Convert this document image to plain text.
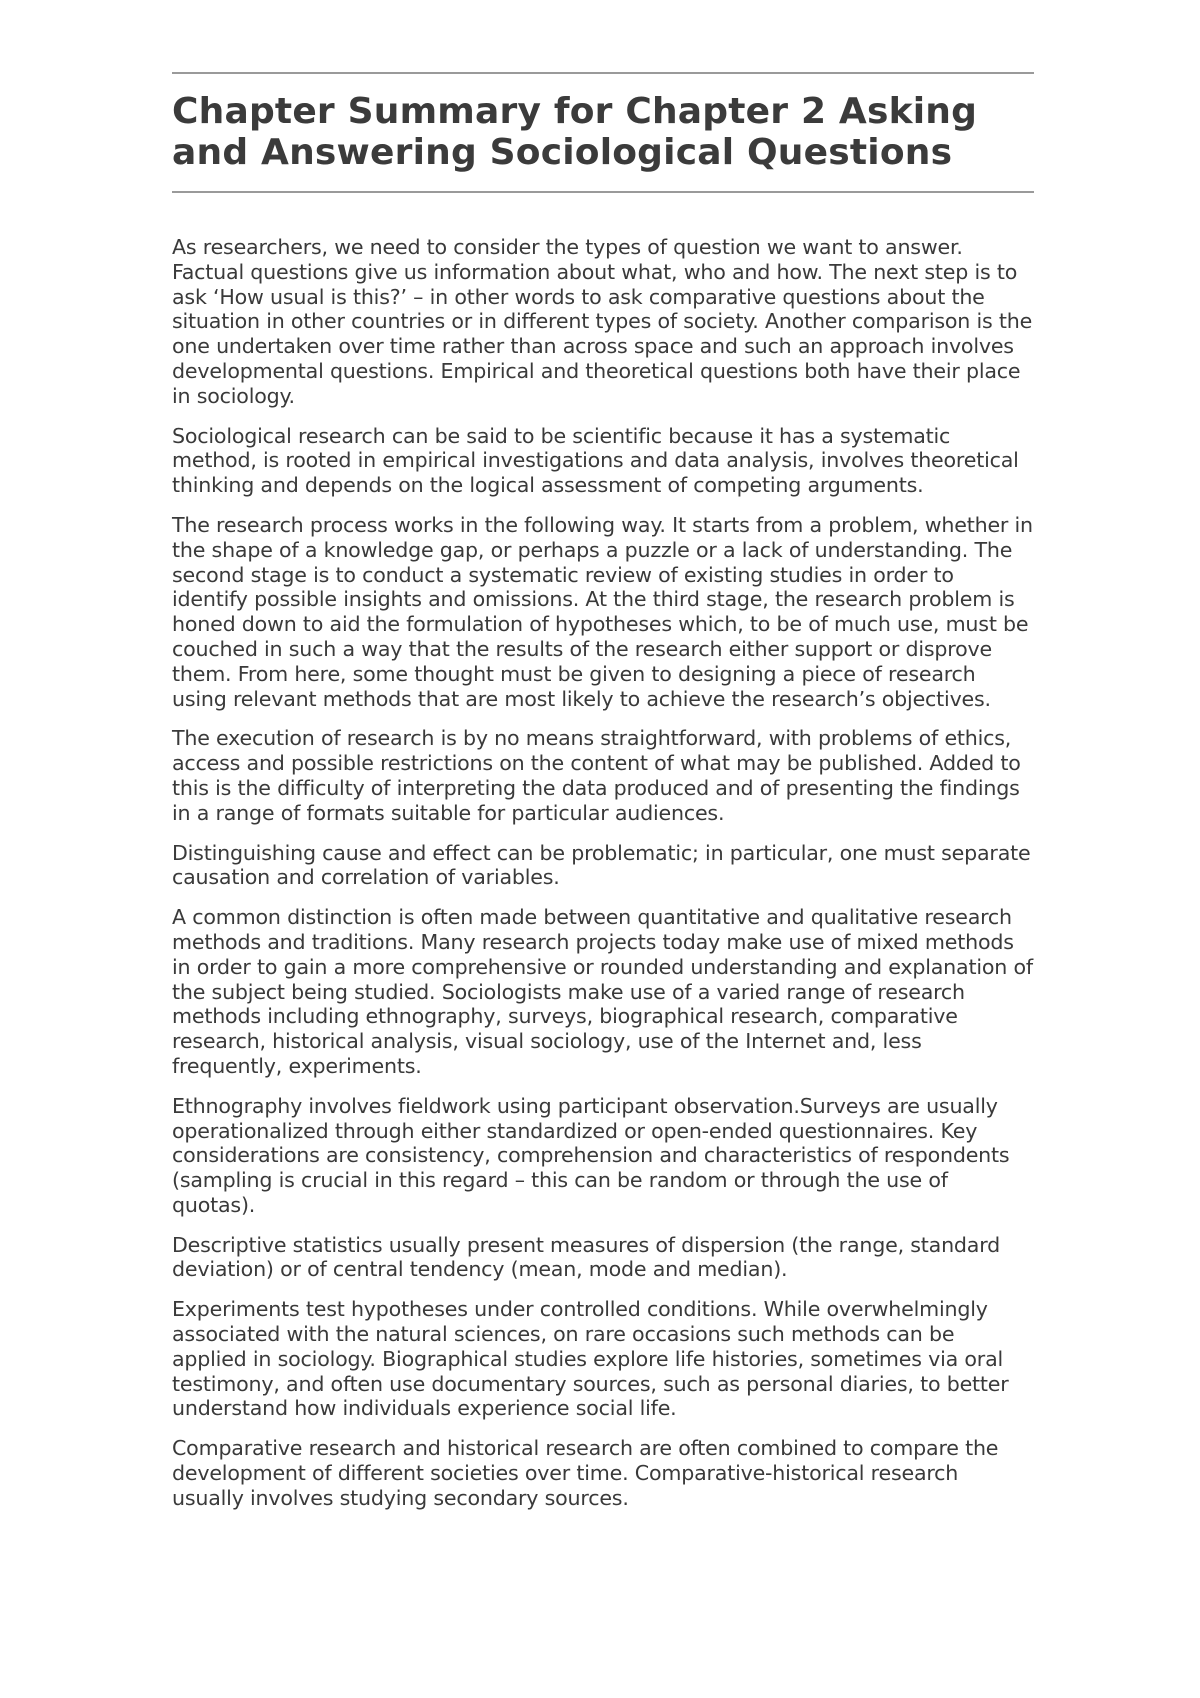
Chapter Summary for Chapter 2 Asking and Answering Sociological Questions

As researchers, we need to consider the types of question we want to answer. Factual questions give us information about what, who and how. The next step is to ask ‘How usual is this?’ – in other words to ask comparative questions about the situation in other countries or in different types of society. Another comparison is the one undertaken over time rather than across space and such an approach involves developmental questions. Empirical and theoretical questions both have their place in sociology.

Sociological research can be said to be scientific because it has a systematic method, is rooted in empirical investigations and data analysis, involves theoretical thinking and depends on the logical assessment of competing arguments.

The research process works in the following way. It starts from a problem, whether in the shape of a knowledge gap, or perhaps a puzzle or a lack of understanding. The second stage is to conduct a systematic review of existing studies in order to identify possible insights and omissions. At the third stage, the research problem is honed down to aid the formulation of hypotheses which, to be of much use, must be couched in such a way that the results of the research either support or disprove them. From here, some thought must be given to designing a piece of research using relevant methods that are most likely to achieve the research’s objectives.

The execution of research is by no means straightforward, with problems of ethics, access and possible restrictions on the content of what may be published. Added to this is the difficulty of interpreting the data produced and of presenting the findings in a range of formats suitable for particular audiences.

Distinguishing cause and effect can be problematic; in particular, one must separate causation and correlation of variables.

A common distinction is often made between quantitative and qualitative research methods and traditions. Many research projects today make use of mixed methods in order to gain a more comprehensive or rounded understanding and explanation of the subject being studied. Sociologists make use of a varied range of research methods including ethnography, surveys, biographical research, comparative research, historical analysis, visual sociology, use of the Internet and, less frequently, experiments.

Ethnography involves fieldwork using participant observation.Surveys are usually operationalized through either standardized or open-ended questionnaires. Key considerations are consistency, comprehension and characteristics of respondents (sampling is crucial in this regard – this can be random or through the use of quotas).

Descriptive statistics usually present measures of dispersion (the range, standard deviation) or of central tendency (mean, mode and median).

Experiments test hypotheses under controlled conditions. While overwhelmingly associated with the natural sciences, on rare occasions such methods can be applied in sociology. Biographical studies explore life histories, sometimes via oral testimony, and often use documentary sources, such as personal diaries, to better understand how individuals experience social life.

Comparative research and historical research are often combined to compare the development of different societies over time. Comparative-historical research usually involves studying secondary sources.
